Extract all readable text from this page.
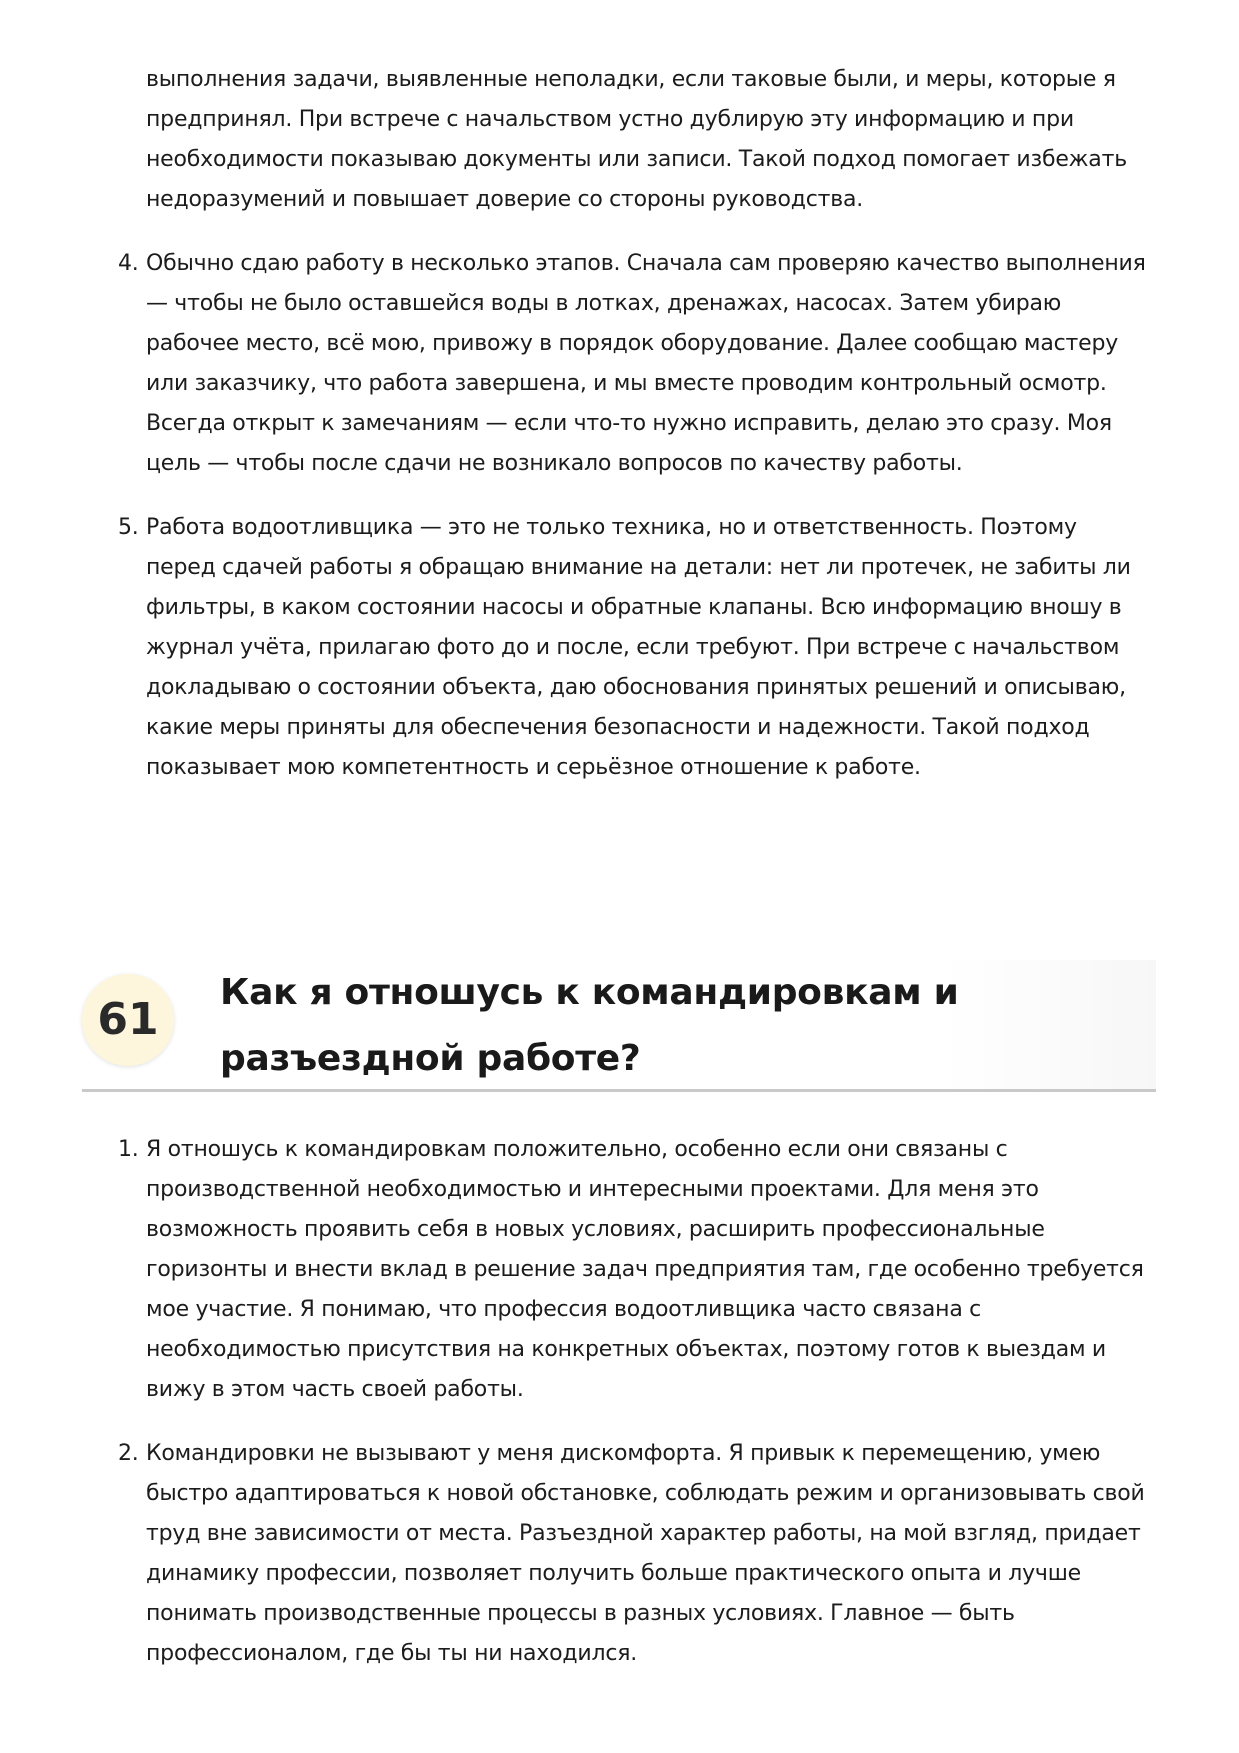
выполнения задачи, выявленные неполадки, если таковые были, и меры, которые я предпринял. При встрече с начальством устно дублирую эту информацию и при необходимости показываю документы или записи. Такой подход помогает избежать недоразумений и повышает доверие со стороны руководства.
4. Обычно сдаю работу в несколько этапов. Сначала сам проверяю качество выполнения — чтобы не было оставшейся воды в лотках, дренажах, насосах. Затем убираю рабочее место, всё мою, привожу в порядок оборудование. Далее сообщаю мастеру или заказчику, что работа завершена, и мы вместе проводим контрольный осмотр. Всегда открыт к замечаниям — если что-то нужно исправить, делаю это сразу. Моя цель — чтобы после сдачи не возникало вопросов по качеству работы.
5. Работа водоотливщика — это не только техника, но и ответственность. Поэтому перед сдачей работы я обращаю внимание на детали: нет ли протечек, не забиты ли фильтры, в каком состоянии насосы и обратные клапаны. Всю информацию вношу в журнал учёта, прилагаю фото до и после, если требуют. При встрече с начальством докладываю о состоянии объекта, даю обоснования принятых решений и описываю, какие меры приняты для обеспечения безопасности и надежности. Такой подход показывает мою компетентность и серьёзное отношение к работе.
61
Как я отношусь к командировкам и разъездной работе?
1. Я отношусь к командировкам положительно, особенно если они связаны с производственной необходимостью и интересными проектами. Для меня это возможность проявить себя в новых условиях, расширить профессиональные горизонты и внести вклад в решение задач предприятия там, где особенно требуется мое участие. Я понимаю, что профессия водоотливщика часто связана с необходимостью присутствия на конкретных объектах, поэтому готов к выездам и вижу в этом часть своей работы.
2. Командировки не вызывают у меня дискомфорта. Я привык к перемещению, умею быстро адаптироваться к новой обстановке, соблюдать режим и организовывать свой труд вне зависимости от места. Разъездной характер работы, на мой взгляд, придает динамику профессии, позволяет получить больше практического опыта и лучше понимать производственные процессы в разных условиях. Главное — быть профессионалом, где бы ты ни находился.
